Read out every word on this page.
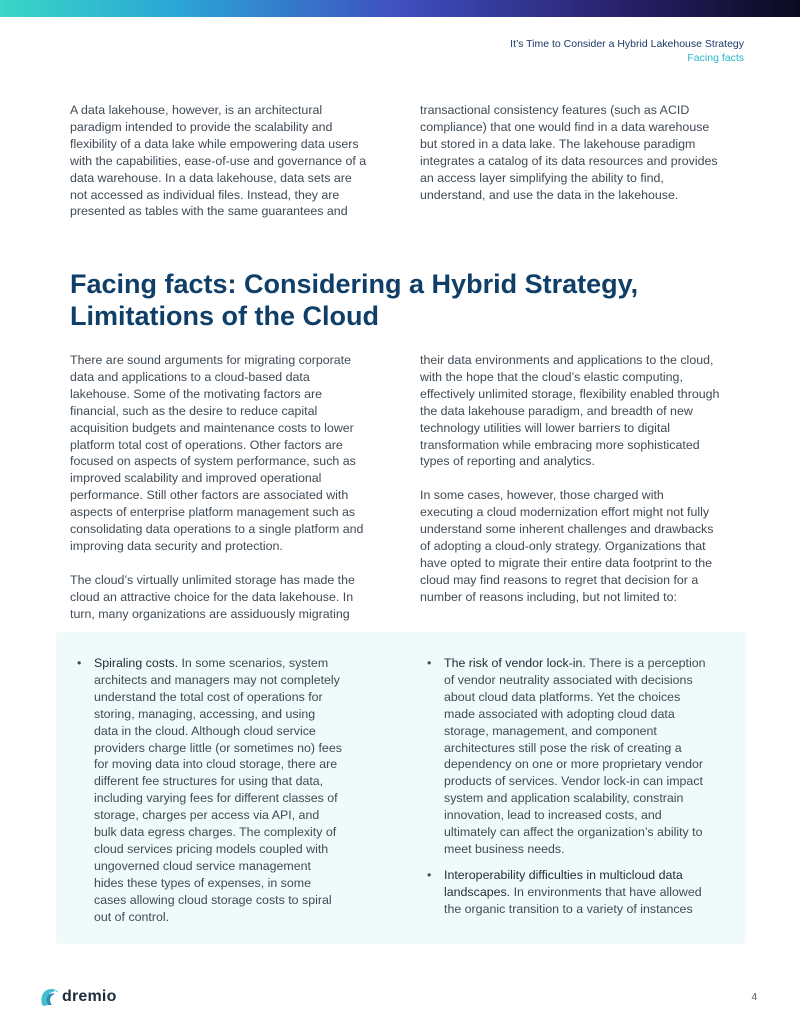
It’s Time to Consider a Hybrid Lakehouse Strategy
Facing facts

A data lakehouse, however, is an architectural paradigm intended to provide the scalability and flexibility of a data lake while empowering data users with the capabilities, ease-of-use and governance of a data warehouse. In a data lakehouse, data sets are not accessed as individual files. Instead, they are presented as tables with the same guarantees and

transactional consistency features (such as ACID compliance) that one would find in a data warehouse but stored in a data lake. The lakehouse paradigm integrates a catalog of its data resources and provides an access layer simplifying the ability to find, understand, and use the data in the lakehouse.

Facing facts: Considering a Hybrid Strategy, Limitations of the Cloud

There are sound arguments for migrating corporate data and applications to a cloud-based data lakehouse. Some of the motivating factors are financial, such as the desire to reduce capital acquisition budgets and maintenance costs to lower platform total cost of operations. Other factors are focused on aspects of system performance, such as improved scalability and improved operational performance. Still other factors are associated with aspects of enterprise platform management such as consolidating data operations to a single platform and improving data security and protection.

The cloud’s virtually unlimited storage has made the cloud an attractive choice for the data lakehouse. In turn, many organizations are assiduously migrating

their data environments and applications to the cloud, with the hope that the cloud’s elastic computing, effectively unlimited storage, flexibility enabled through the data lakehouse paradigm, and breadth of new technology utilities will lower barriers to digital transformation while embracing more sophisticated types of reporting and analytics.

In some cases, however, those charged with executing a cloud modernization effort might not fully understand some inherent challenges and drawbacks of adopting a cloud-only strategy. Organizations that have opted to migrate their entire data footprint to the cloud may find reasons to regret that decision for a number of reasons including, but not limited to:

• Spiraling costs. In some scenarios, system architects and managers may not completely understand the total cost of operations for storing, managing, accessing, and using data in the cloud. Although cloud service providers charge little (or sometimes no) fees for moving data into cloud storage, there are different fee structures for using that data, including varying fees for different classes of storage, charges per access via API, and bulk data egress charges. The complexity of cloud services pricing models coupled with ungoverned cloud service management hides these types of expenses, in some cases allowing cloud storage costs to spiral out of control.
• The risk of vendor lock-in. There is a perception of vendor neutrality associated with decisions about cloud data platforms. Yet the choices made associated with adopting cloud data storage, management, and component architectures still pose the risk of creating a dependency on one or more proprietary vendor products of services. Vendor lock-in can impact system and application scalability, constrain innovation, lead to increased costs, and ultimately can affect the organization’s ability to meet business needs.
• Interoperability difficulties in multicloud data landscapes. In environments that have allowed the organic transition to a variety of instances
dremio	4
